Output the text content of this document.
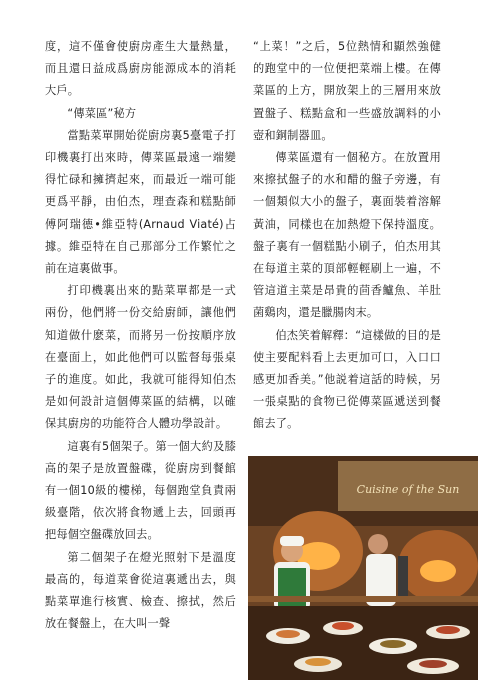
度，這不僅會使廚房產生大量熱量，而且還日益成爲廚房能源成本的消耗大戶。

“傳菜區”秘方

當點菜單開始從廚房裏5臺電子打印機裏打出來時，傳菜區最遠一端變得忙碌和擁擠起來，而最近一端可能更爲平靜，由伯杰，理查森和糕點師傅阿瑞德•維亞特(Arnaud Viaté)占據。維亞特在自己那部分工作繁忙之前在這裏做事。

打印機裏出來的點菜單都是一式兩份，他們將一份交給廚師，讓他們知道做什麽菜，而將另一份按順序放在臺面上，如此他們可以監督每張桌子的進度。如此，我就可能得知伯杰是如何設計這個傳菜區的結構，以確保其廚房的功能符合人體功學設計。

這裏有5個架子。第一個大約及膝高的架子是放置盤碟，從廚房到餐館有一個10級的樓梯，每個跑堂負責兩級臺階，依次將食物遞上去，回頭再把每個空盤碟放回去。

第二個架子在燈光照射下是溫度最高的，每道菜會從這裏遞出去，與點菜單進行核實、檢查、擦拭，然后放在餐盤上，在大叫一聲

“上菜！”之后，5位熱情和顯然強健的跑堂中的一位便把菜端上樓。在傳菜區的上方，開放架上的三層用來放置盤子、糕點盒和一些盛放調料的小壺和銅制器皿。

傳菜區還有一個秘方。在放置用來擦拭盤子的水和醋的盤子旁邊，有一個類似大小的盤子，裏面裝着溶解黃油，同樣也在加熱燈下保持溫度。盤子裏有一個糕點小刷子，伯杰用其在每道主菜的頂部輕輕刷上一遍，不管這道主菜是昂貴的茴香鱸魚、羊肚菌鷄肉，還是臘腸肉末。

伯杰笑着解釋：“這樣做的目的是使主要配料看上去更加可口，入口口感更加香美。”他説着這話的時候，另一張桌點的食物已從傳菜區遞送到餐館去了。

Cuisine of the Sun
